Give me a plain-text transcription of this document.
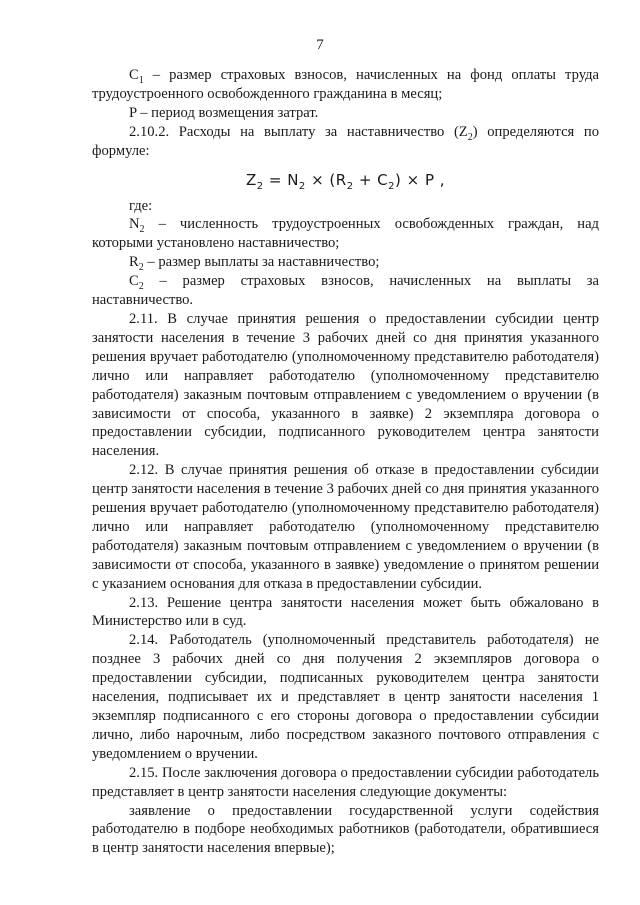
7

$C_1$ – размер страховых взносов, начисленных на фонд оплаты труда трудоустроенного освобожденного гражданина в месяц;

P – период возмещения затрат.

2.10.2. Расходы на выплату за наставничество $(Z_2)$ определяются по формуле:

$Z_2 = N_2 \times (R_2 + C_2) \times P$ ,

где:

$N_2$ – численность трудоустроенных освобожденных граждан, над которыми установлено наставничество;

$R_2$ – размер выплаты за наставничество;

$C_2$ – размер страховых взносов, начисленных на выплаты за наставничество.

2.11. В случае принятия решения о предоставлении субсидии центр занятости населения в течение 3 рабочих дней со дня принятия указанного решения вручает работодателю (уполномоченному представителю работодателя) лично или направляет работодателю (уполномоченному представителю работодателя) заказным почтовым отправлением с уведомлением о вручении (в зависимости от способа, указанного в заявке) 2 экземпляра договора о предоставлении субсидии, подписанного руководителем центра занятости населения.

2.12. В случае принятия решения об отказе в предоставлении субсидии центр занятости населения в течение 3 рабочих дней со дня принятия указанного решения вручает работодателю (уполномоченному представителю работодателя) лично или направляет работодателю (уполномоченному представителю работодателя) заказным почтовым отправлением с уведомлением о вручении (в зависимости от способа, указанного в заявке) уведомление о принятом решении с указанием основания для отказа в предоставлении субсидии.

2.13. Решение центра занятости населения может быть обжаловано в Министерство или в суд.

2.14. Работодатель (уполномоченный представитель работодателя) не позднее 3 рабочих дней со дня получения 2 экземпляров договора о предоставлении субсидии, подписанных руководителем центра занятости населения, подписывает их и представляет в центр занятости населения 1 экземпляр подписанного с его стороны договора о предоставлении субсидии лично, либо нарочным, либо посредством заказного почтового отправления с уведомлением о вручении.

2.15. После заключения договора о предоставлении субсидии работодатель представляет в центр занятости населения следующие документы:

заявление о предоставлении государственной услуги содействия работодателю в подборе необходимых работников (работодатели, обратившиеся в центр занятости населения впервые);
